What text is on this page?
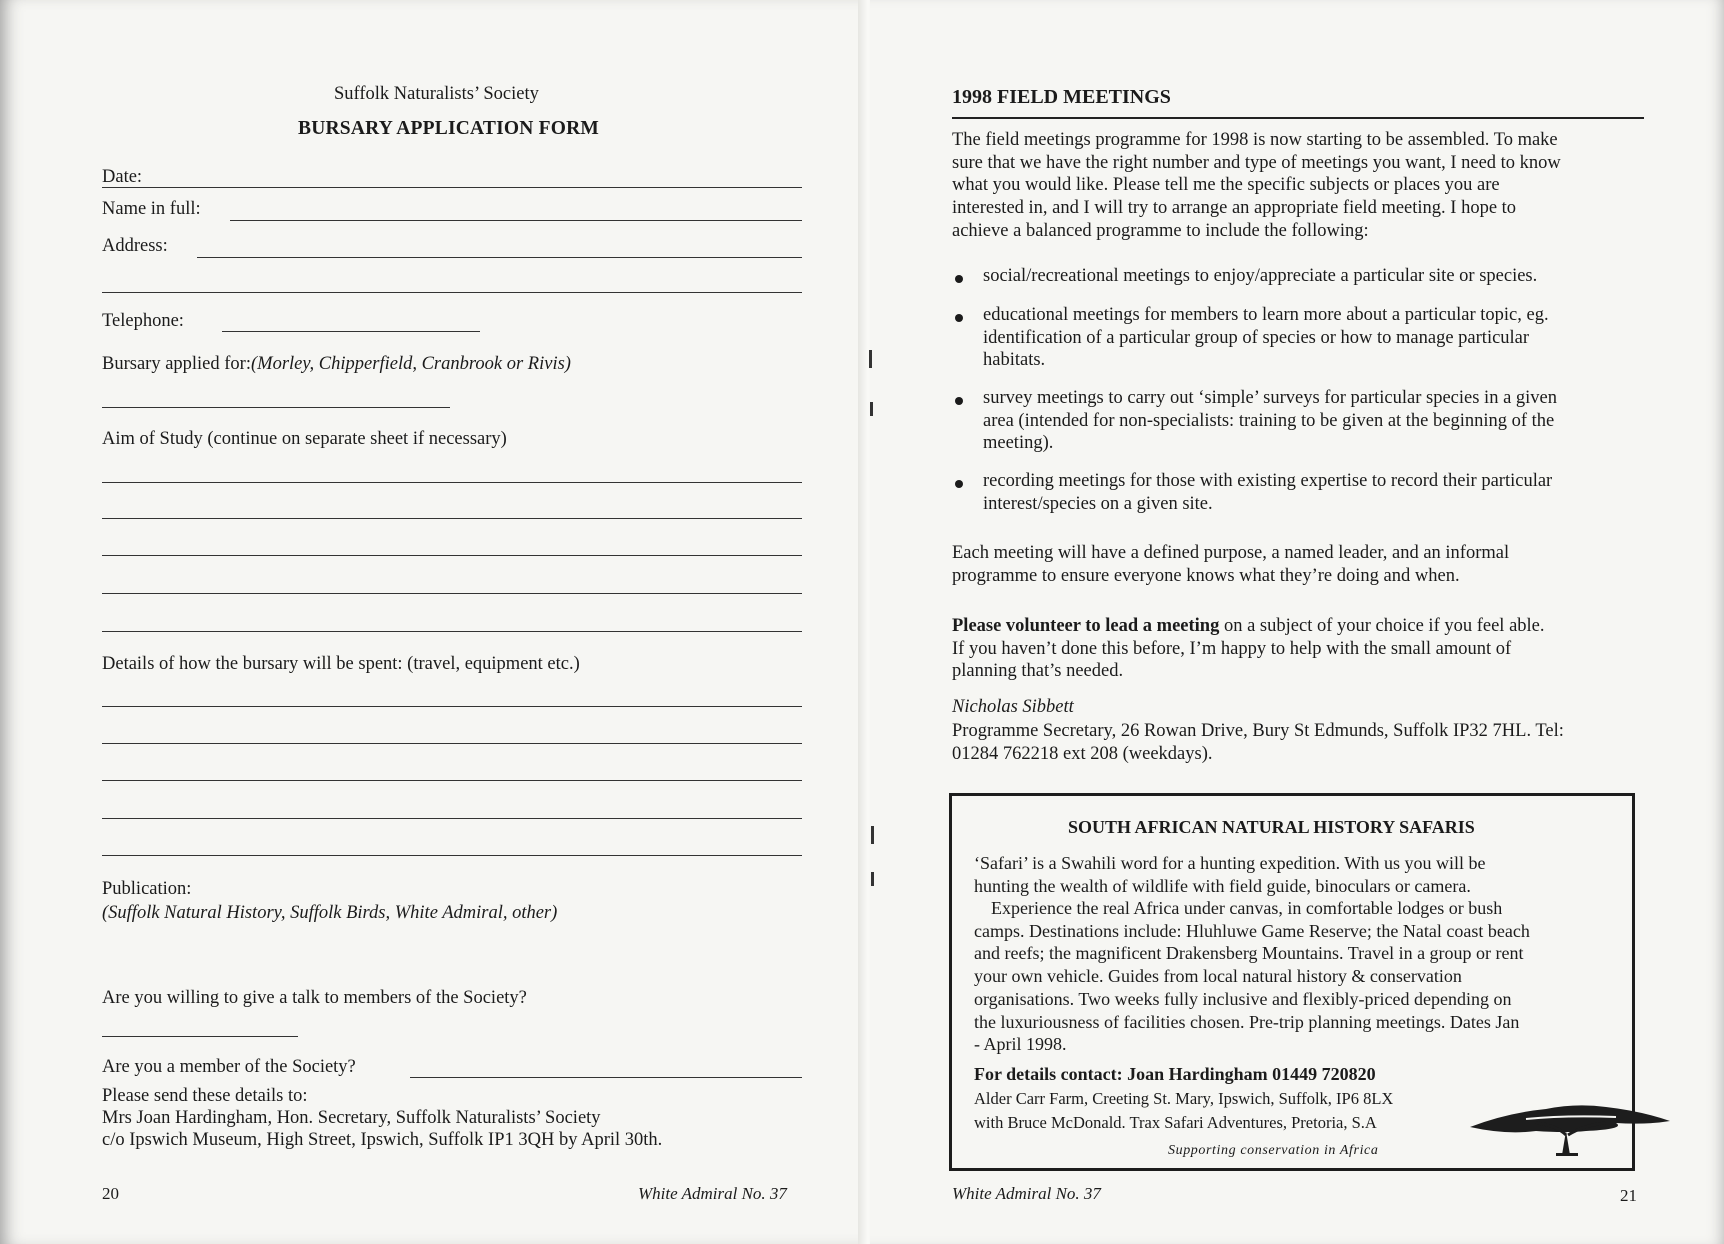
Suffolk Naturalists’ Society
BURSARY APPLICATION FORM
Date:
Name in full:
Address:
Telephone:
Bursary applied for:(Morley, Chipperfield, Cranbrook or Rivis)
Aim of Study (continue on separate sheet if necessary)
Details of how the bursary will be spent: (travel, equipment etc.)
Publication:
(Suffolk Natural History, Suffolk Birds, White Admiral, other)
Are you willing to give a talk to members of the Society?
Are you a member of the Society?
Please send these details to:
Mrs Joan Hardingham, Hon. Secretary, Suffolk Naturalists’ Society
c/o Ipswich Museum, High Street, Ipswich, Suffolk IP1 3QH by April 30th.
20	White Admiral No. 37
1998 FIELD MEETINGS
The field meetings programme for 1998 is now starting to be assembled. To make
sure that we have the right number and type of meetings you want, I need to know
what you would like. Please tell me the specific subjects or places you are
interested in, and I will try to arrange an appropriate field meeting. I hope to
achieve a balanced programme to include the following:
social/recreational meetings to enjoy/appreciate a particular site or species.
educational meetings for members to learn more about a particular topic, eg.
identification of a particular group of species or how to manage particular
habitats.
survey meetings to carry out ‘simple’ surveys for particular species in a given
area (intended for non-specialists: training to be given at the beginning of the
meeting).
recording meetings for those with existing expertise to record their particular
interest/species on a given site.
Each meeting will have a defined purpose, a named leader, and an informal
programme to ensure everyone knows what they’re doing and when.
Please volunteer to lead a meeting on a subject of your choice if you feel able.
If you haven’t done this before, I’m happy to help with the small amount of
planning that’s needed.
Nicholas Sibbett
Programme Secretary, 26 Rowan Drive, Bury St Edmunds, Suffolk IP32 7HL. Tel:
01284 762218 ext 208 (weekdays).
SOUTH AFRICAN NATURAL HISTORY SAFARIS
‘Safari’ is a Swahili word for a hunting expedition. With us you will be
hunting the wealth of wildlife with field guide, binoculars or camera.
Experience the real Africa under canvas, in comfortable lodges or bush
camps. Destinations include: Hluhluwe Game Reserve; the Natal coast beach
and reefs; the magnificent Drakensberg Mountains. Travel in a group or rent
your own vehicle. Guides from local natural history & conservation
organisations. Two weeks fully inclusive and flexibly-priced depending on
the luxuriousness of facilities chosen. Pre-trip planning meetings. Dates Jan
- April 1998.
For details contact: Joan Hardingham 01449 720820
Alder Carr Farm, Creeting St. Mary, Ipswich, Suffolk, IP6 8LX
with Bruce McDonald. Trax Safari Adventures, Pretoria, S.A
Supporting conservation in Africa
White Admiral No. 37	21
